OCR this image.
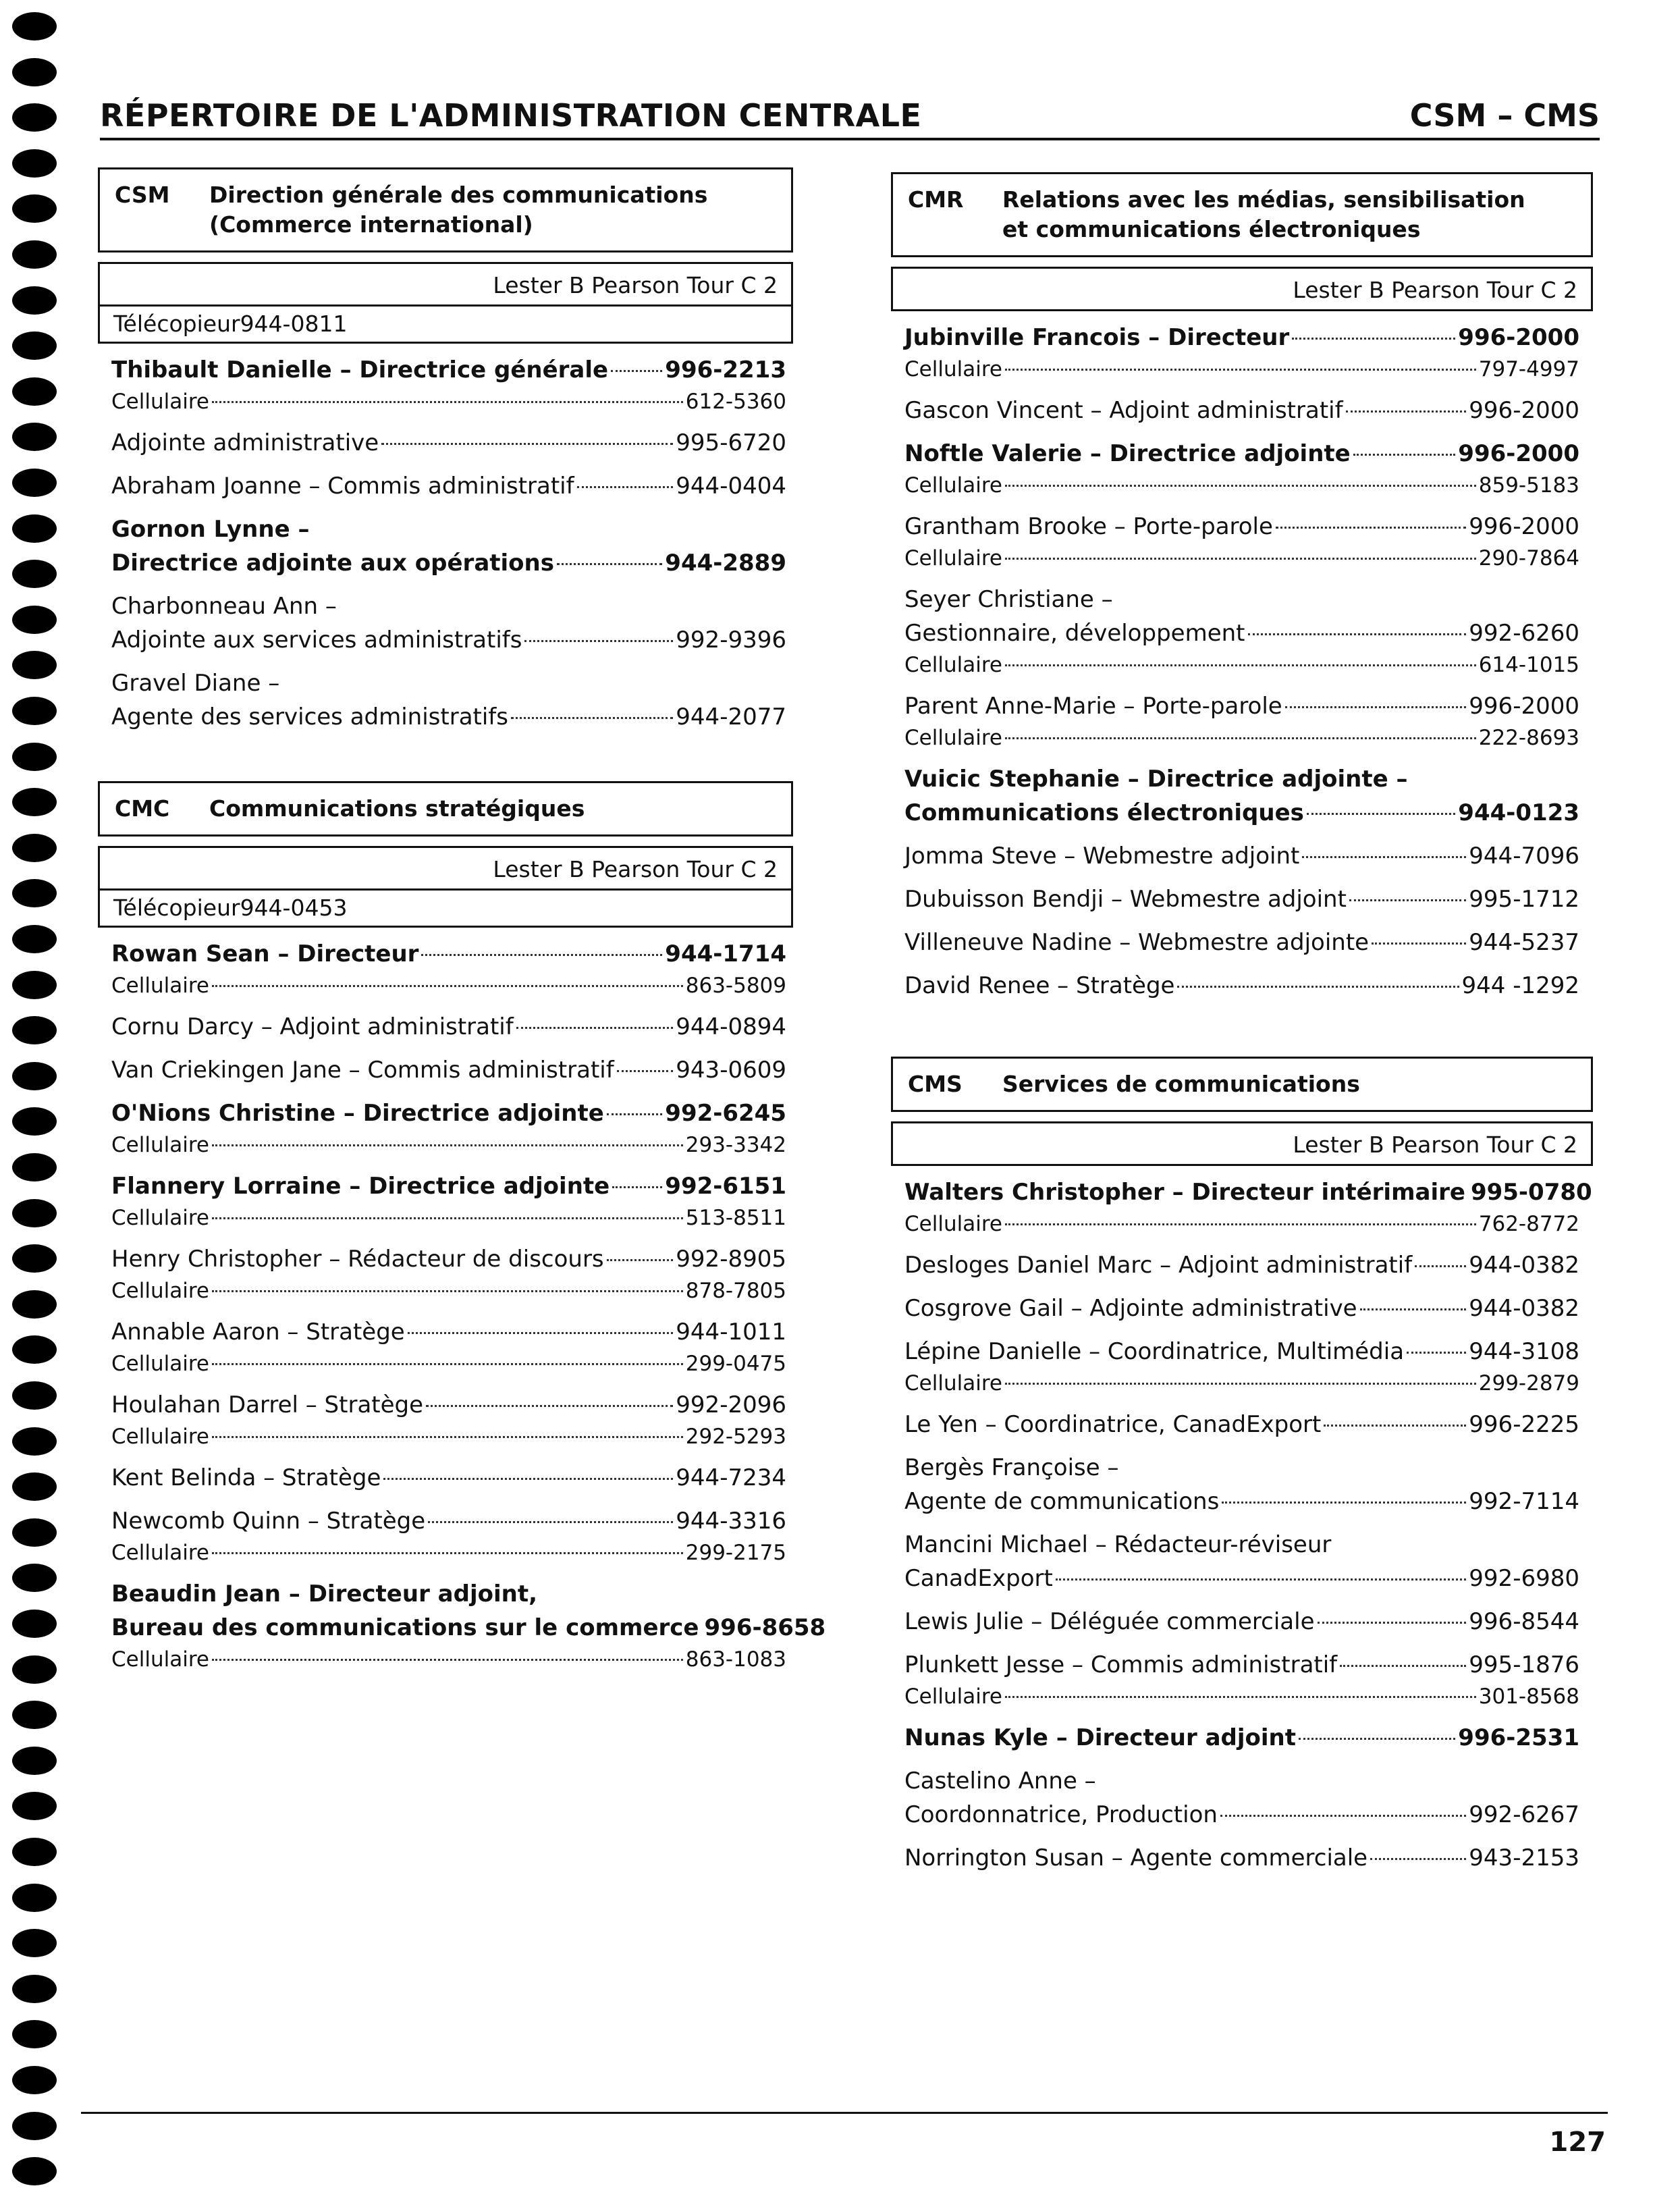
RÉPERTOIRE DE L'ADMINISTRATION CENTRALE	CSM – CMS
CSM	Direction générale des communications
(Commerce international)
Lester B Pearson Tour C 2
Télécopieur 944-0811
Thibault Danielle – Directrice générale 996-2213
Cellulaire	612-5360
Adjointe administrative	995-6720
Abraham Joanne – Commis administratif	944-0404
Gornon Lynne –
Directrice adjointe aux opérations	944-2889
Charbonneau Ann –
Adjointe aux services administratifs	992-9396
Gravel Diane –
Agente des services administratifs	944-2077
CMC	Communications stratégiques
Lester B Pearson Tour C 2
Télécopieur 944-0453
Rowan Sean – Directeur	944-1714
Cellulaire	863-5809
Cornu Darcy – Adjoint administratif	944-0894
Van Criekingen Jane – Commis administratif	943-0609
O'Nions Christine – Directrice adjointe	992-6245
Cellulaire	293-3342
Flannery Lorraine – Directrice adjointe 992-6151
Cellulaire	513-8511
Henry Christopher – Rédacteur de discours	992-8905
Cellulaire	878-7805
Annable Aaron – Stratège	944-1011
Cellulaire	299-0475
Houlahan Darrel – Stratège	992-2096
Cellulaire	292-5293
Kent Belinda – Stratège	944-7234
Newcomb Quinn – Stratège	944-3316
Cellulaire	299-2175
Beaudin Jean – Directeur adjoint,
Bureau des communications sur le commerce 996-8658
Cellulaire	863-1083
CMR	Relations avec les médias, sensibilisation
et communications électroniques
Lester B Pearson Tour C 2
Jubinville Francois – Directeur	996-2000
Cellulaire	797-4997
Gascon Vincent – Adjoint administratif	996-2000
Noftle Valerie – Directrice adjointe	996-2000
Cellulaire	859-5183
Grantham Brooke – Porte-parole	996-2000
Cellulaire	290-7864
Seyer Christiane –
Gestionnaire, développement	992-6260
Cellulaire	614-1015
Parent Anne-Marie – Porte-parole	996-2000
Cellulaire	222-8693
Vuicic Stephanie – Directrice adjointe –
Communications électroniques	944-0123
Jomma Steve – Webmestre adjoint	944-7096
Dubuisson Bendji – Webmestre adjoint	995-1712
Villeneuve Nadine – Webmestre adjointe	944-5237
David Renee – Stratège	944 -1292
CMS	Services de communications
Lester B Pearson Tour C 2
Walters Christopher – Directeur intérimaire 995-0780
Cellulaire	762-8772
Desloges Daniel Marc – Adjoint administratif 944-0382
Cosgrove Gail – Adjointe administrative	944-0382
Lépine Danielle – Coordinatrice, Multimédia	944-3108
Cellulaire	299-2879
Le Yen – Coordinatrice, CanadExport	996-2225
Bergès Françoise –
Agente de communications	992-7114
Mancini Michael – Rédacteur-réviseur
CanadExport	992-6980
Lewis Julie – Déléguée commerciale	996-8544
Plunkett Jesse – Commis administratif	995-1876
Cellulaire	301-8568
Nunas Kyle – Directeur adjoint	996-2531
Castelino Anne –
Coordonnatrice, Production	992-6267
Norrington Susan – Agente commerciale	943-2153
127
